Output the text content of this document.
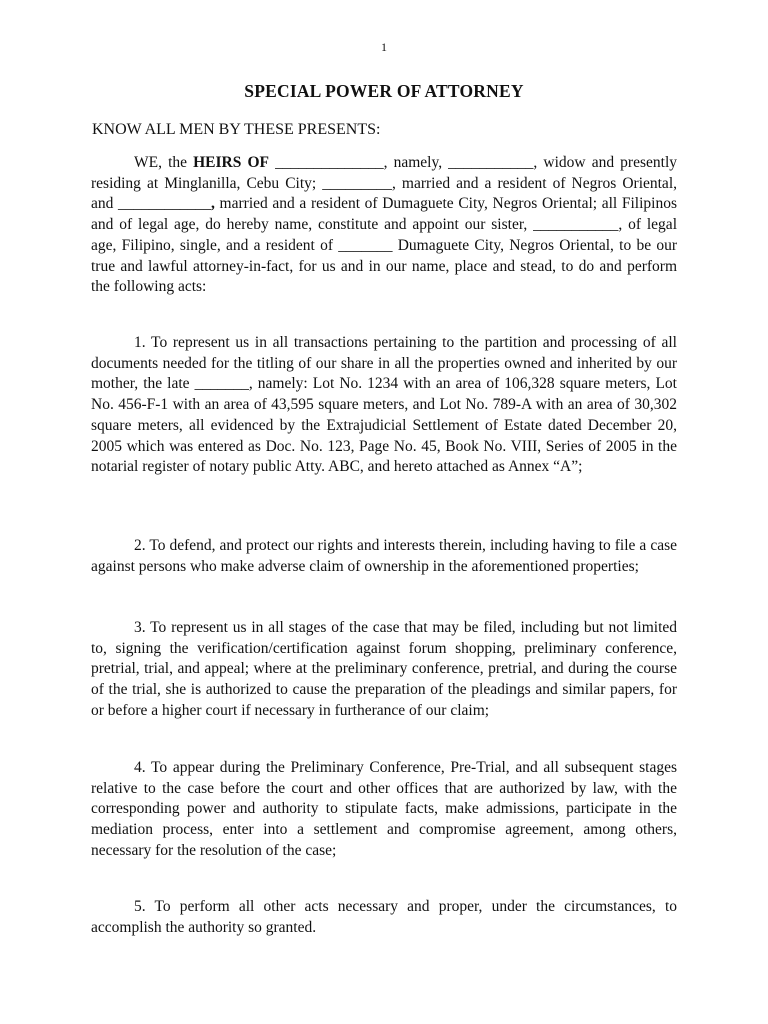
1
SPECIAL POWER OF ATTORNEY
KNOW ALL MEN BY THESE PRESENTS:

WE, the HEIRS OF ______________, namely, ___________, widow and presently residing at Minglanilla, Cebu City; _________, married and a resident of Negros Oriental, and ____________, married and a resident of Dumaguete City, Negros Oriental; all Filipinos and of legal age, do hereby name, constitute and appoint our sister, ___________, of legal age, Filipino, single, and a resident of _______ Dumaguete City, Negros Oriental, to be our true and lawful attorney-in-fact, for us and in our name, place and stead, to do and perform the following acts:

1. To represent us in all transactions pertaining to the partition and processing of all documents needed for the titling of our share in all the properties owned and inherited by our mother, the late _______, namely: Lot No. 1234 with an area of 106,328 square meters, Lot No. 456-F-1 with an area of 43,595 square meters, and Lot No. 789-A with an area of 30,302 square meters, all evidenced by the Extrajudicial Settlement of Estate dated December 20, 2005 which was entered as Doc. No. 123, Page No. 45, Book No. VIII, Series of 2005 in the notarial register of notary public Atty. ABC, and hereto attached as Annex “A”;

2. To defend, and protect our rights and interests therein, including having to file a case against persons who make adverse claim of ownership in the aforementioned properties;

3. To represent us in all stages of the case that may be filed, including but not limited to, signing the verification/certification against forum shopping, preliminary conference, pretrial, trial, and appeal; where at the preliminary conference, pretrial, and during the course of the trial, she is authorized to cause the preparation of the pleadings and similar papers, for or before a higher court if necessary in furtherance of our claim;

4. To appear during the Preliminary Conference, Pre-Trial, and all subsequent stages relative to the case before the court and other offices that are authorized by law, with the corresponding power and authority to stipulate facts, make admissions, participate in the mediation process, enter into a settlement and compromise agreement, among others, necessary for the resolution of the case;

5. To perform all other acts necessary and proper, under the circumstances, to accomplish the authority so granted.
